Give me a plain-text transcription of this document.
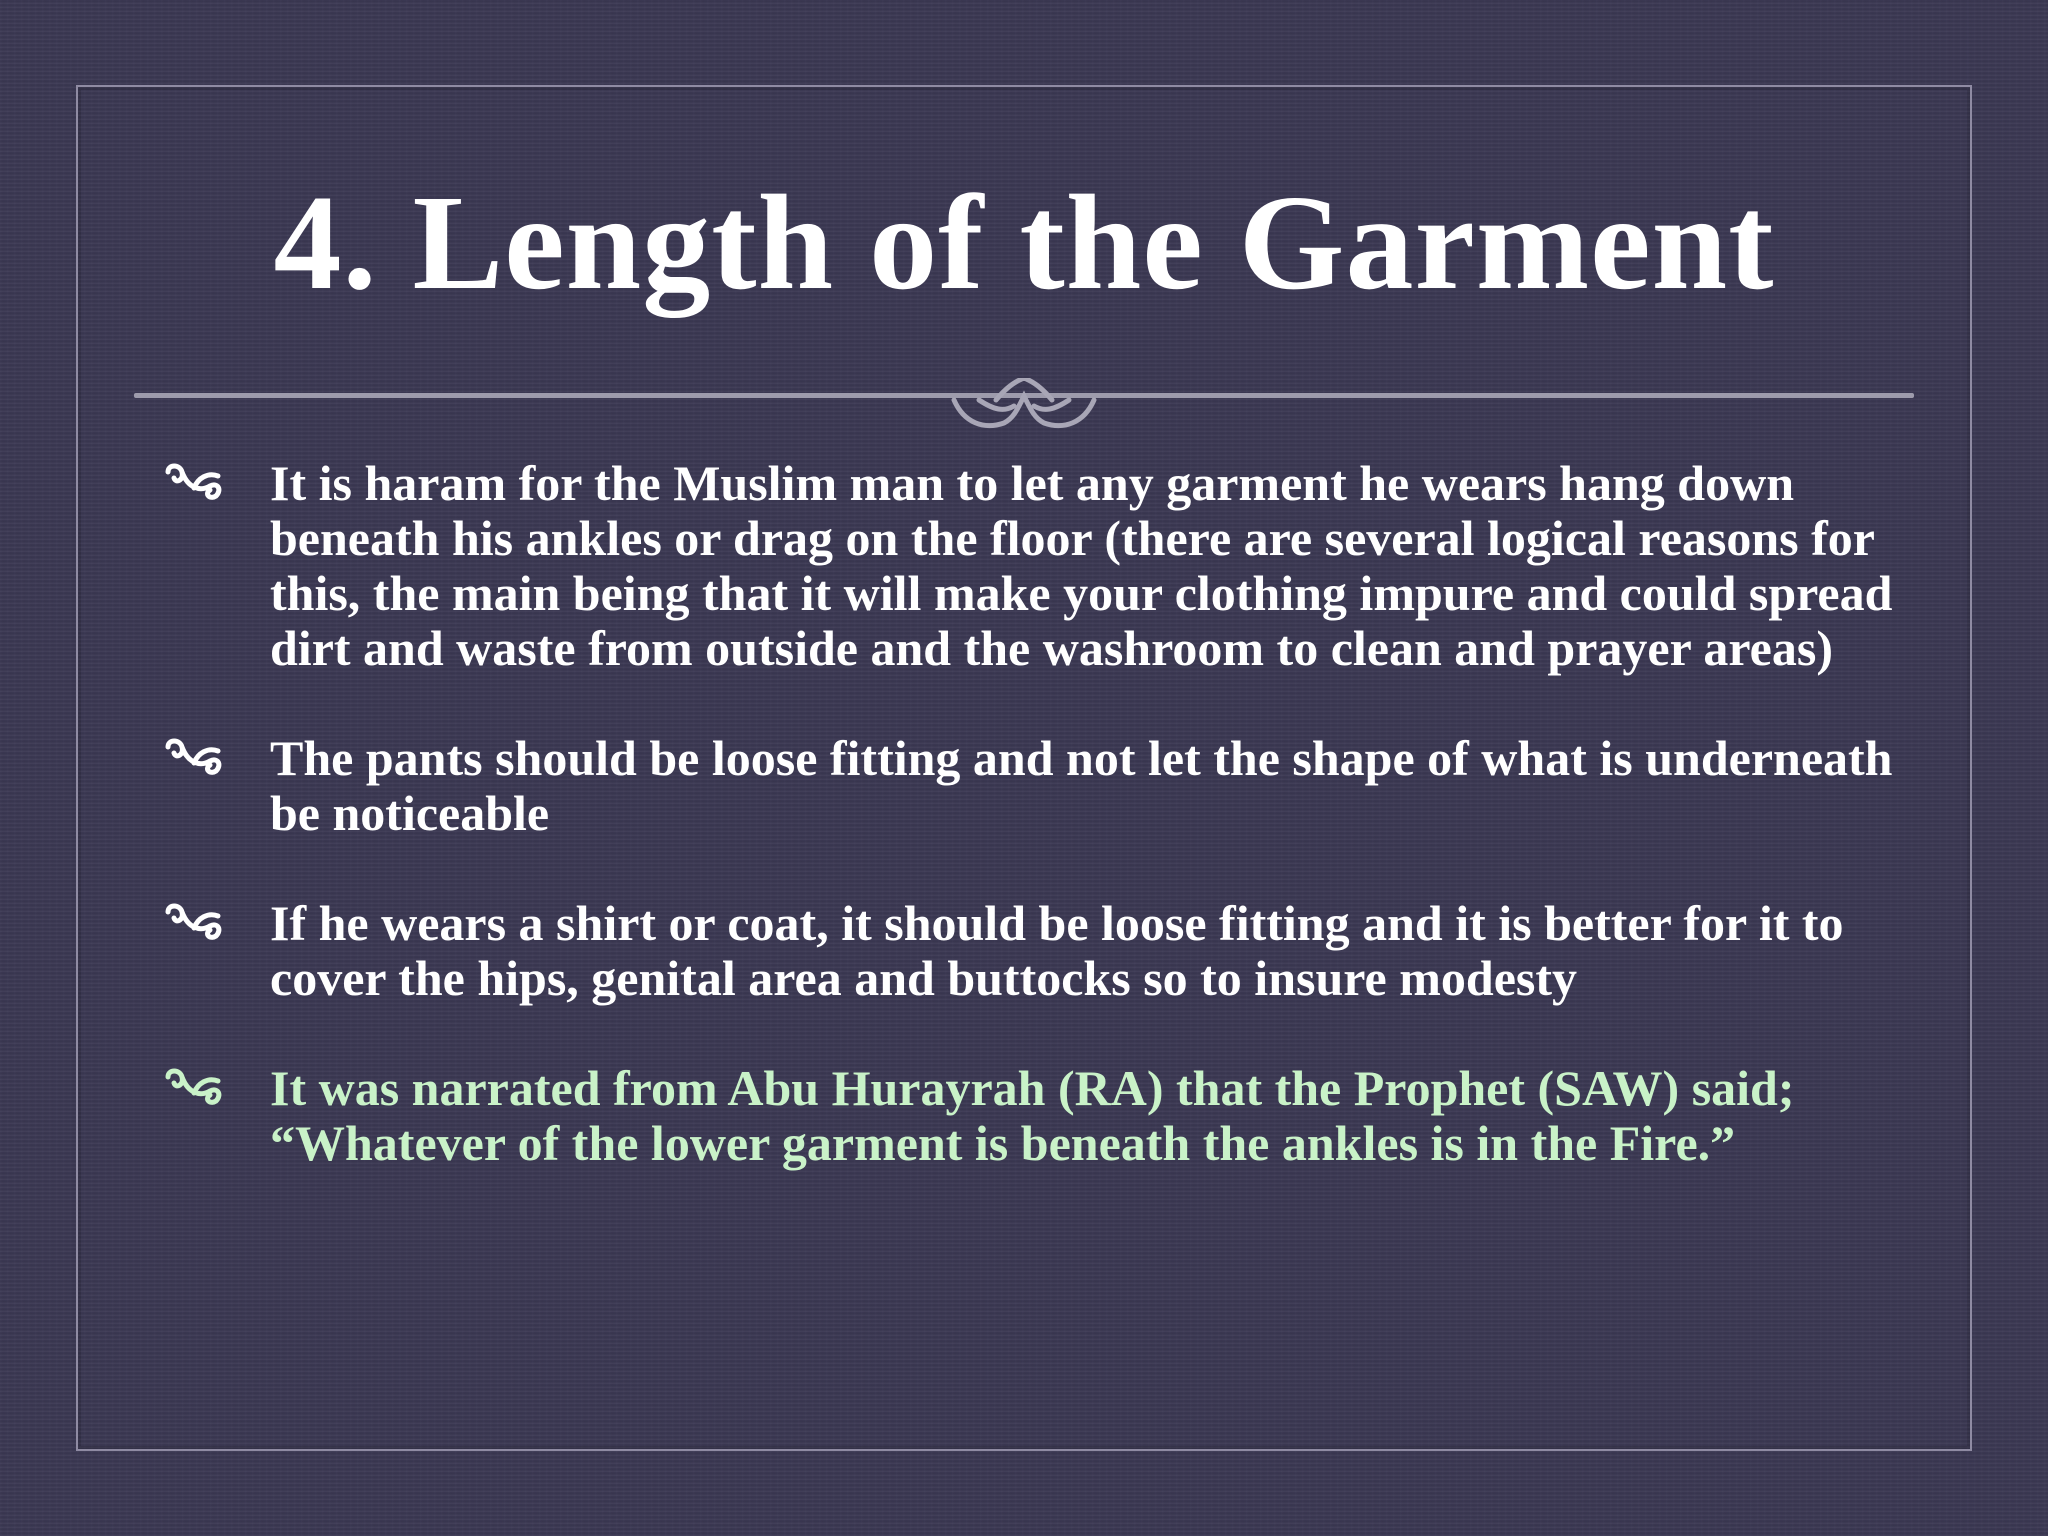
4. Length of the Garment
It is haram for the Muslim man to let any garment he wears hang down beneath his ankles or drag on the floor (there are several logical reasons for this, the main being that it will make your clothing impure and could spread dirt and waste from outside and the washroom to clean and prayer areas)
The pants should be loose fitting and not let the shape of what is underneath be noticeable
If he wears a shirt or coat, it should be loose fitting and it is better for it to cover the hips, genital area and buttocks so to insure modesty
It was narrated from Abu Hurayrah (RA) that the Prophet (SAW) said; “Whatever of the lower garment is beneath the ankles is in the Fire.”
